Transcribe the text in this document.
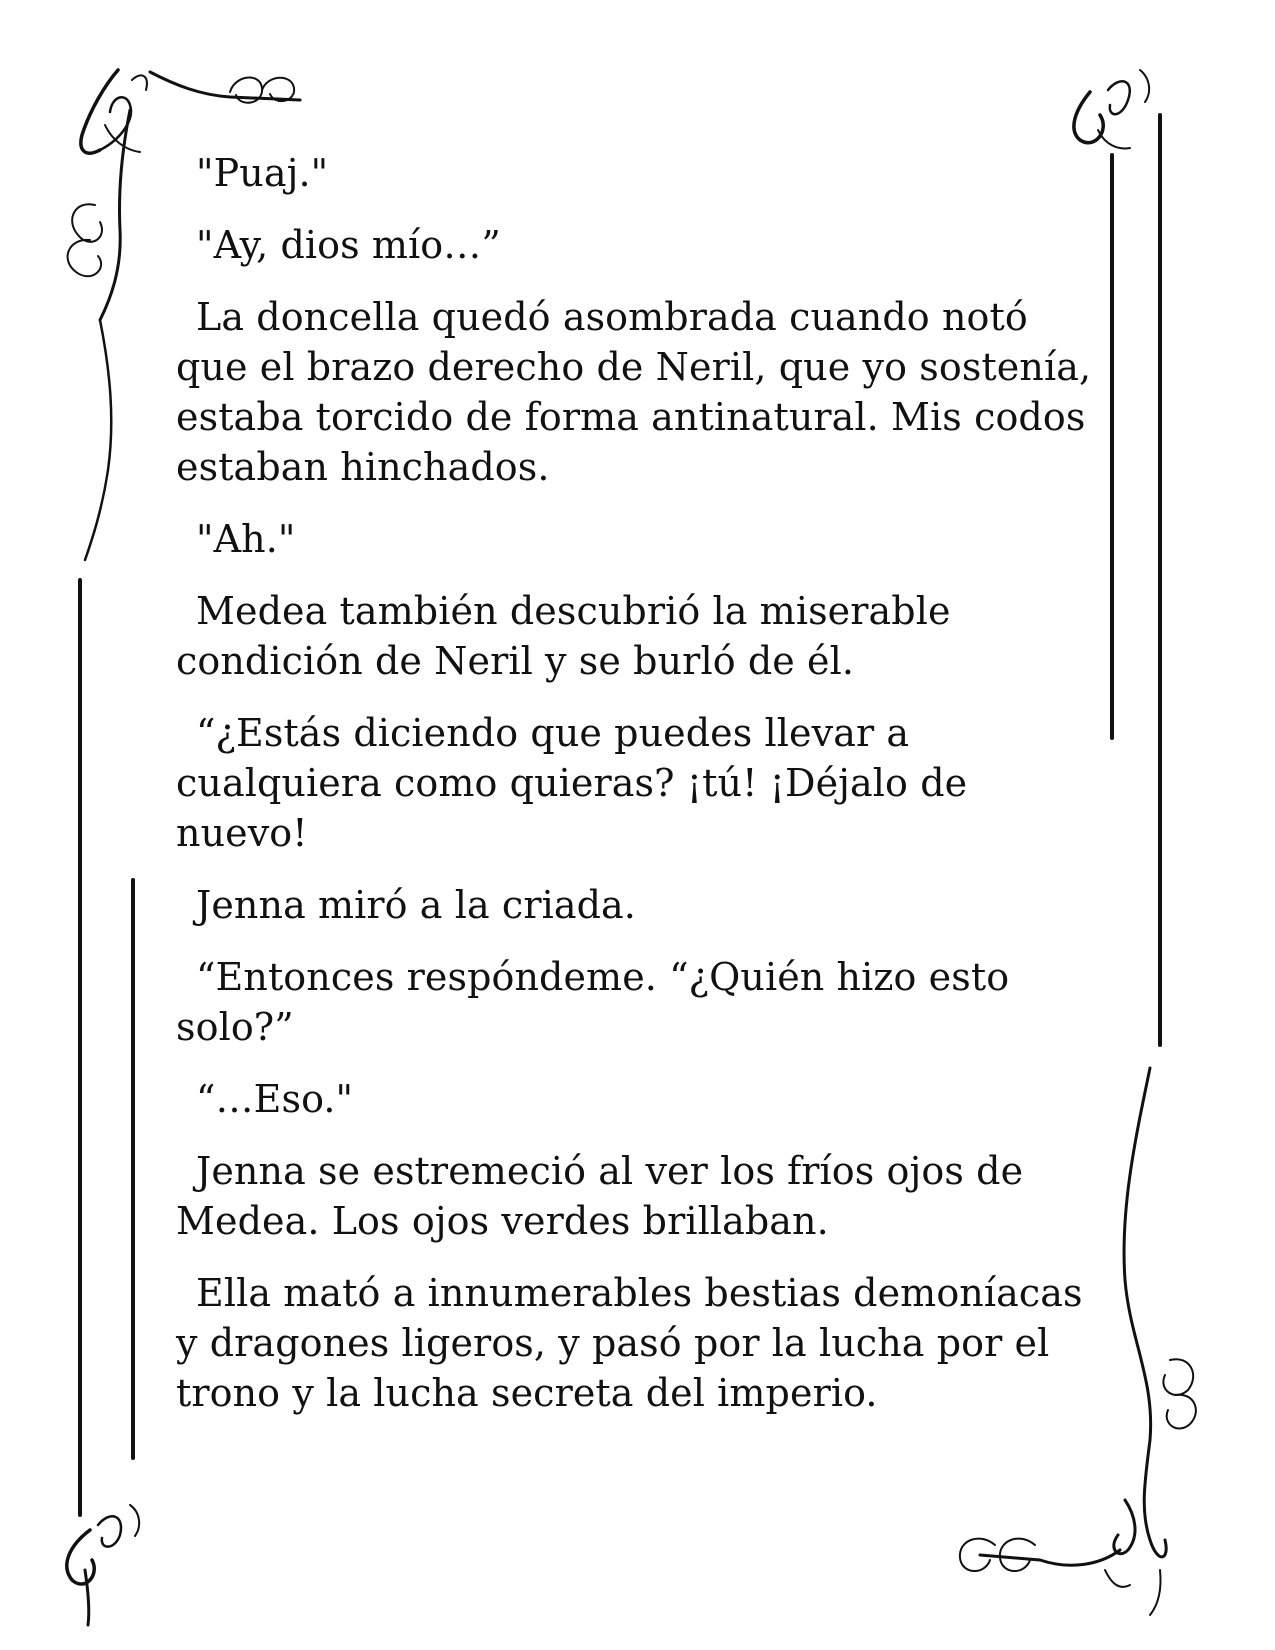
"Puaj."

"Ay, dios mío…”

La doncella quedó asombrada cuando notó que el brazo derecho de Neril, que yo sostenía, estaba torcido de forma antinatural. Mis codos estaban hinchados.

"Ah."

Medea también descubrió la miserable condición de Neril y se burló de él.

“¿Estás diciendo que puedes llevar a cualquiera como quieras? ¡tú! ¡Déjalo de nuevo!

Jenna miró a la criada.

“Entonces respóndeme. “¿Quién hizo esto solo?”

“…Eso."

Jenna se estremeció al ver los fríos ojos de Medea. Los ojos verdes brillaban.

Ella mató a innumerables bestias demoníacas y dragones ligeros, y pasó por la lucha por el trono y la lucha secreta del imperio.
